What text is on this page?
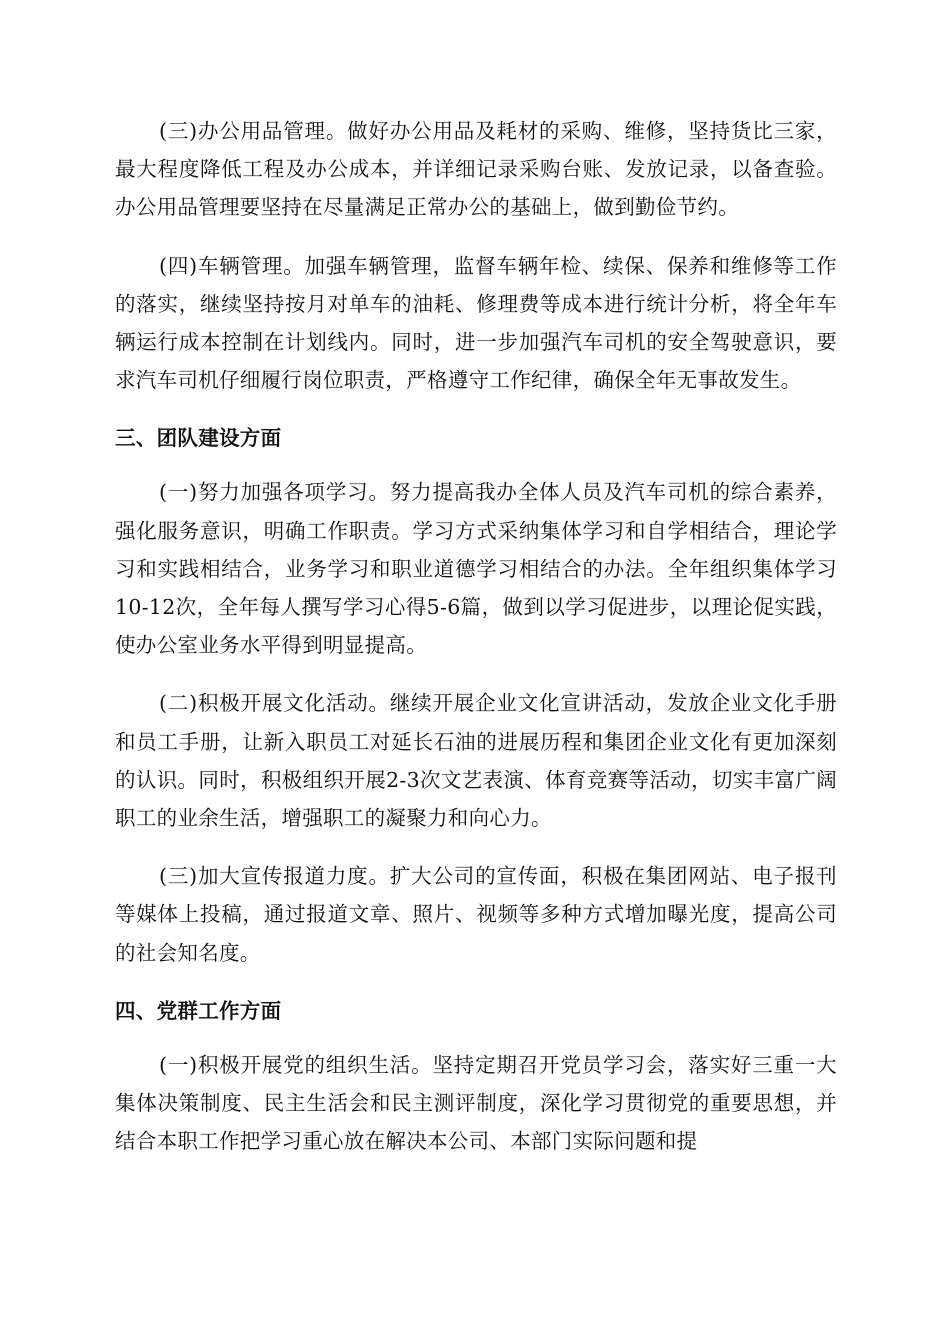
(三)办公用品管理。做好办公用品及耗材的采购、维修，坚持货比三家，最大程度降低工程及办公成本，并详细记录采购台账、发放记录，以备查验。办公用品管理要坚持在尽量满足正常办公的基础上，做到勤俭节约。

(四)车辆管理。加强车辆管理，监督车辆年检、续保、保养和维修等工作的落实，继续坚持按月对单车的油耗、修理费等成本进行统计分析，将全年车辆运行成本控制在计划线内。同时，进一步加强汽车司机的安全驾驶意识，要求汽车司机仔细履行岗位职责，严格遵守工作纪律，确保全年无事故发生。

三、团队建设方面

(一)努力加强各项学习。努力提高我办全体人员及汽车司机的综合素养，强化服务意识，明确工作职责。学习方式采纳集体学习和自学相结合，理论学习和实践相结合，业务学习和职业道德学习相结合的办法。全年组织集体学习10-12次，全年每人撰写学习心得5-6篇，做到以学习促进步，以理论促实践，使办公室业务水平得到明显提高。

(二)积极开展文化活动。继续开展企业文化宣讲活动，发放企业文化手册和员工手册，让新入职员工对延长石油的进展历程和集团企业文化有更加深刻的认识。同时，积极组织开展2-3次文艺表演、体育竞赛等活动，切实丰富广阔职工的业余生活，增强职工的凝聚力和向心力。

(三)加大宣传报道力度。扩大公司的宣传面，积极在集团网站、电子报刊等媒体上投稿，通过报道文章、照片、视频等多种方式增加曝光度，提高公司的社会知名度。

四、党群工作方面

(一)积极开展党的组织生活。坚持定期召开党员学习会，落实好三重一大集体决策制度、民主生活会和民主测评制度，深化学习贯彻党的重要思想，并结合本职工作把学习重心放在解决本公司、本部门实际问题和提
